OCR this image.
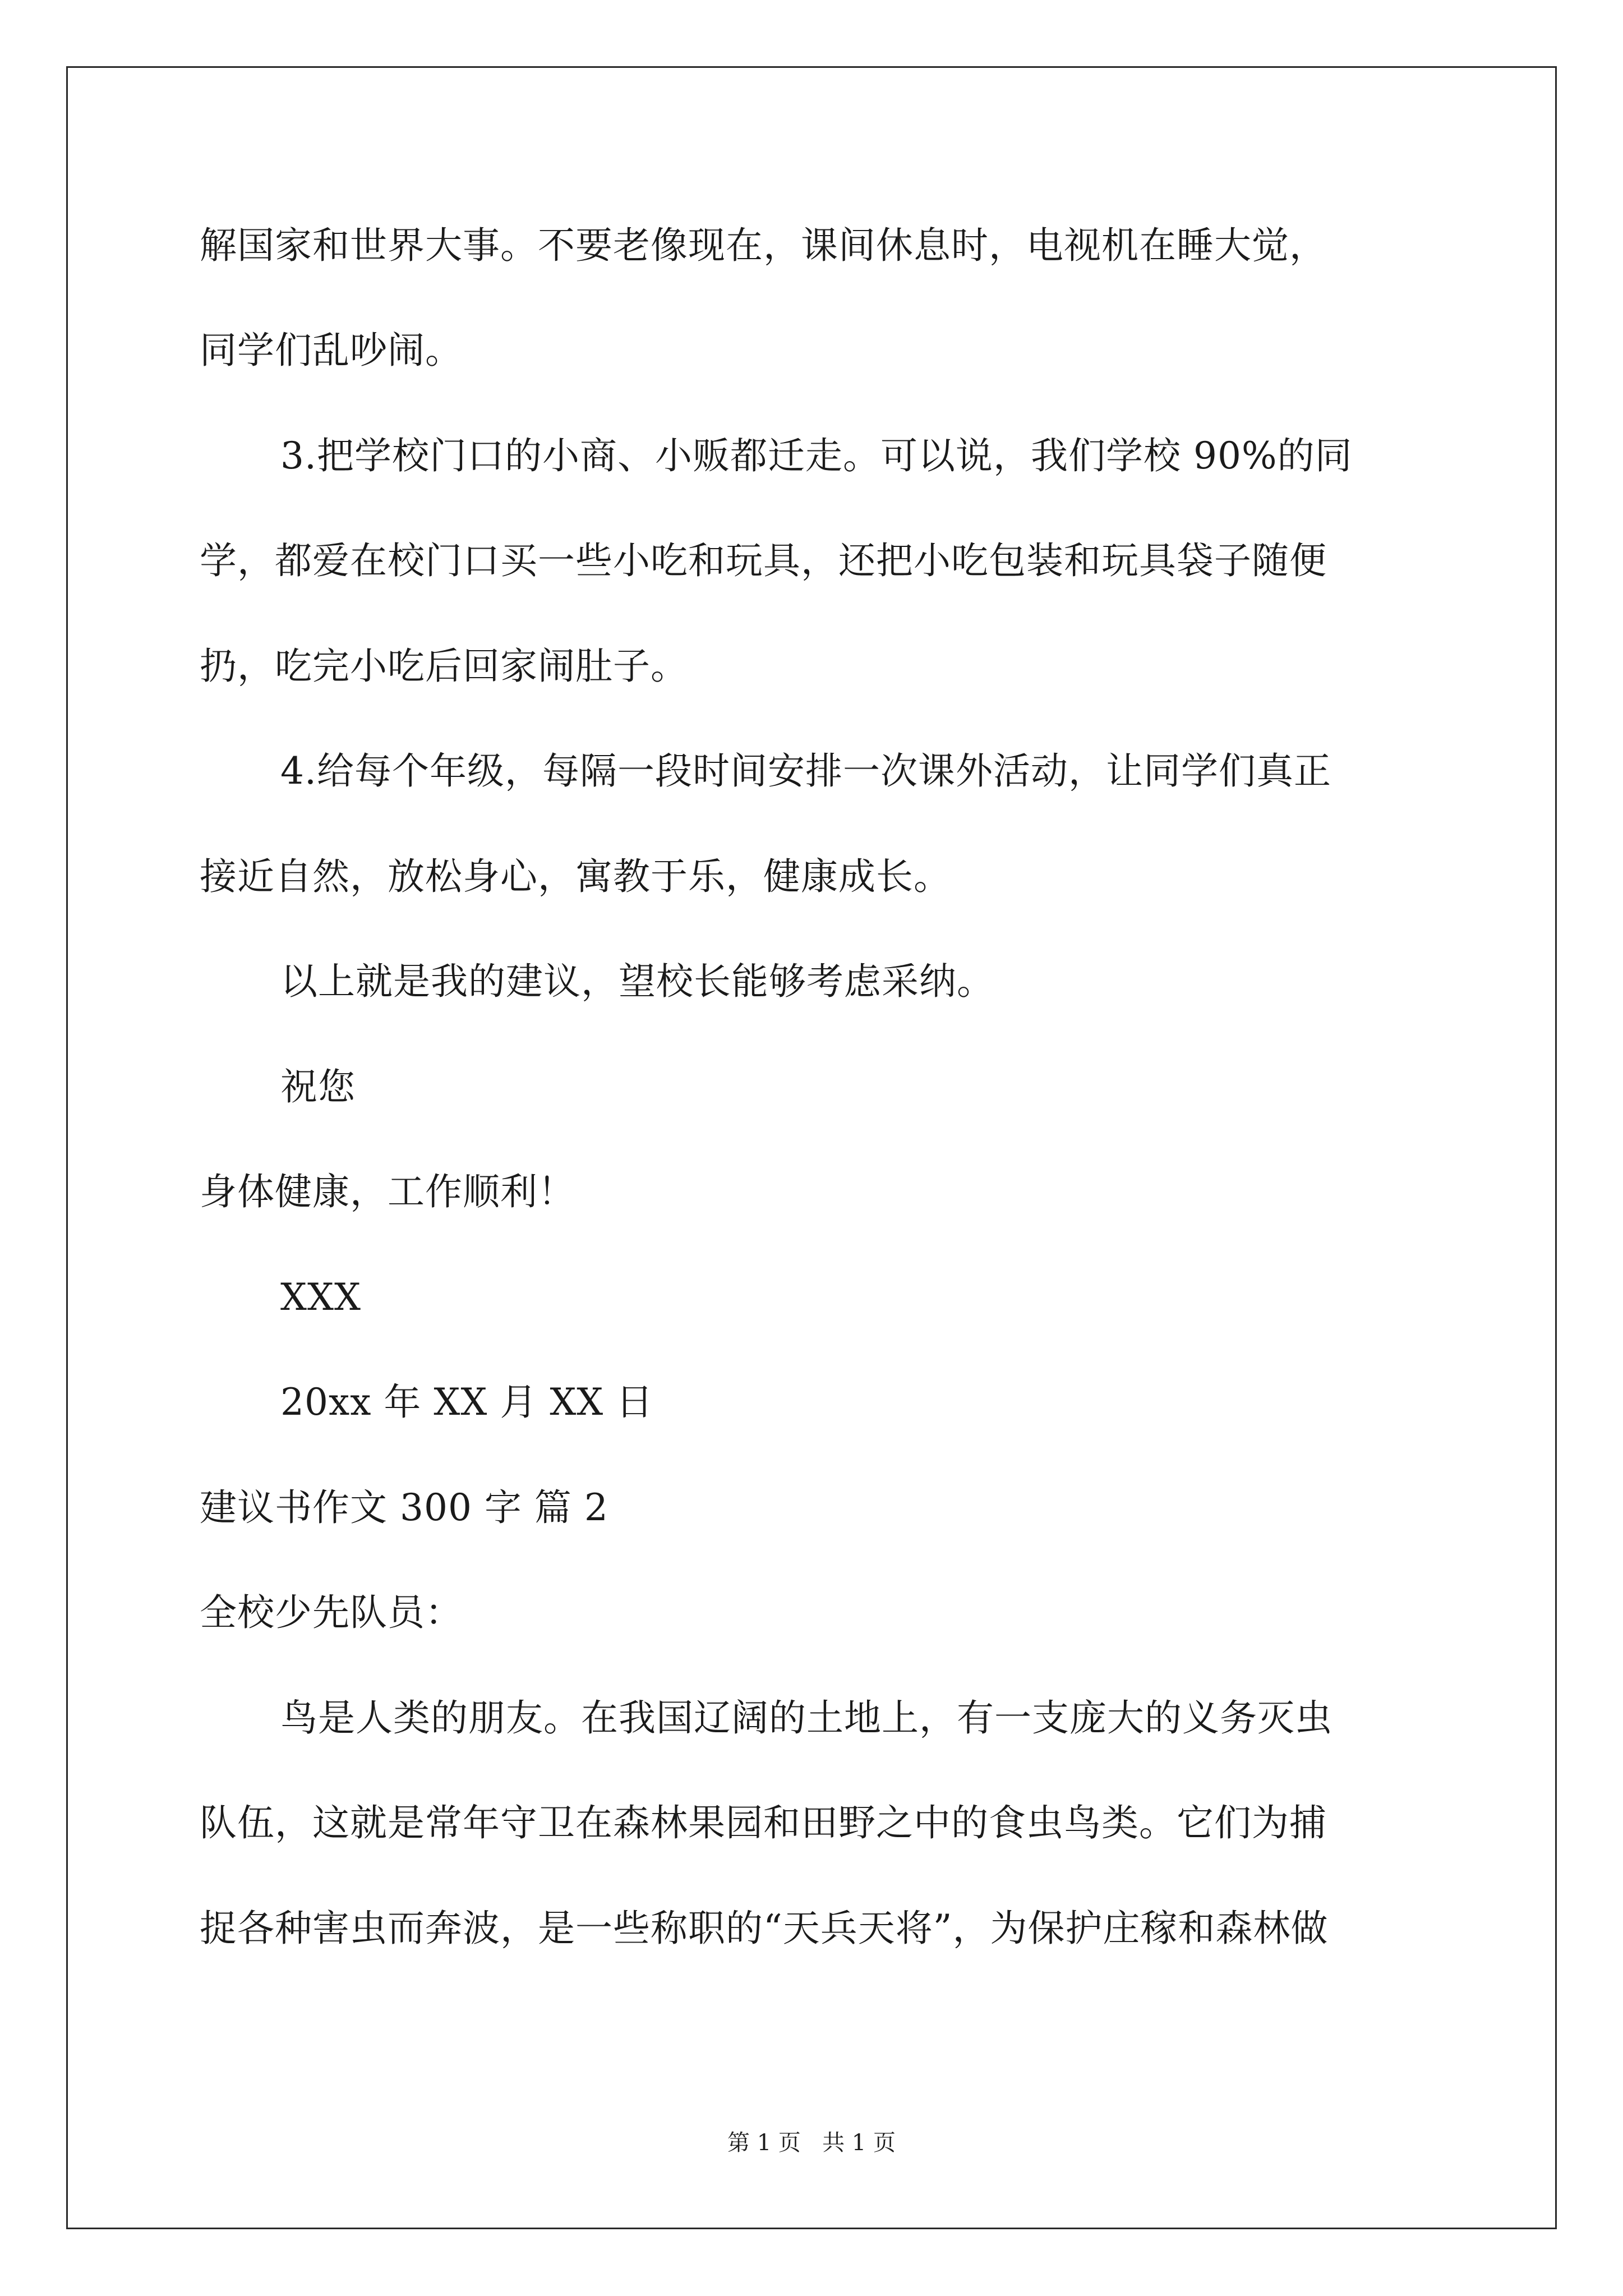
解国家和世界大事。不要老像现在，课间休息时，电视机在睡大觉，
同学们乱吵闹。
3.把学校门口的小商、小贩都迁走。可以说，我们学校 90%的同
学，都爱在校门口买一些小吃和玩具，还把小吃包装和玩具袋子随便
扔，吃完小吃后回家闹肚子。
4.给每个年级，每隔一段时间安排一次课外活动，让同学们真正
接近自然，放松身心，寓教于乐，健康成长。
以上就是我的建议，望校长能够考虑采纳。
祝您
身体健康，工作顺利！
XXX
20xx 年 XX 月 XX 日
建议书作文 300 字 篇 2
全校少先队员：
鸟是人类的朋友。在我国辽阔的土地上，有一支庞大的义务灭虫
队伍，这就是常年守卫在森林果园和田野之中的食虫鸟类。它们为捕
捉各种害虫而奔波，是一些称职的“天兵天将”，为保护庄稼和森林做
第 1 页   共 1 页
